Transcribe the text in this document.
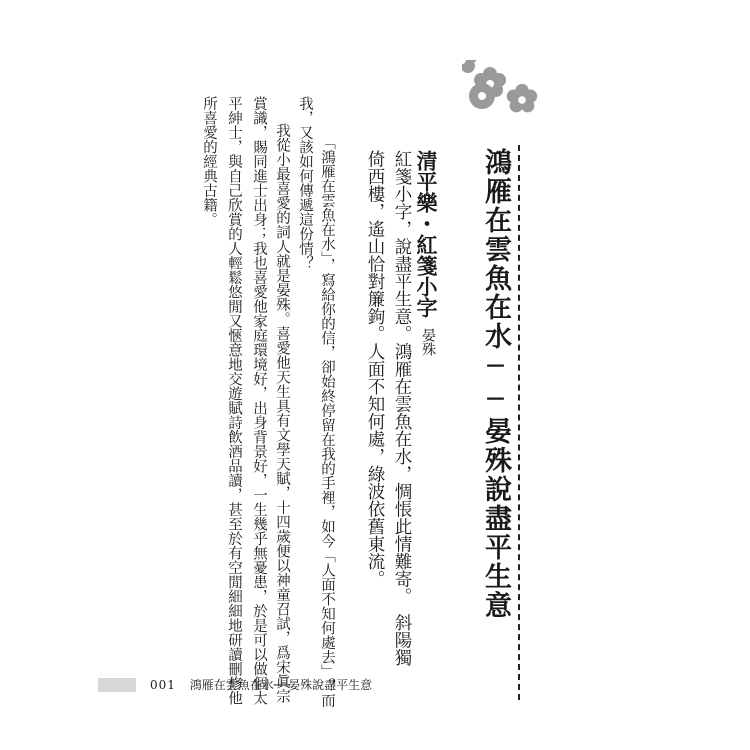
鴻雁在雲魚在水──晏殊說盡平生意
清平樂・紅箋小字
晏殊

紅箋小字，說盡平生意。鴻雁在雲魚在水，惆悵此情難寄。　斜陽獨

倚西樓，遙山恰對簾鉤。人面不知何處，綠波依舊東流。

「鴻雁在雲魚在水」，寫給你的信，卻始終停留在我的手裡，如今「人面不知何處去」？而

我，又該如何傳遞這份情？

我從小最喜愛的詞人就是晏殊。喜愛他天生具有文學天賦，十四歲便以神童召試，爲宋眞宗

賞識，賜同進士出身；我也喜愛他家庭環境好，出身背景好，一生幾乎無憂患，於是可以做個太

平紳士，與自己欣賞的人輕鬆悠閒又愜意地交遊賦詩飲酒品讀，甚至於有空閒細細地研讀刪修他

所喜愛的經典古籍。

001 鴻雁在雲魚在水──晏殊說盡平生意
